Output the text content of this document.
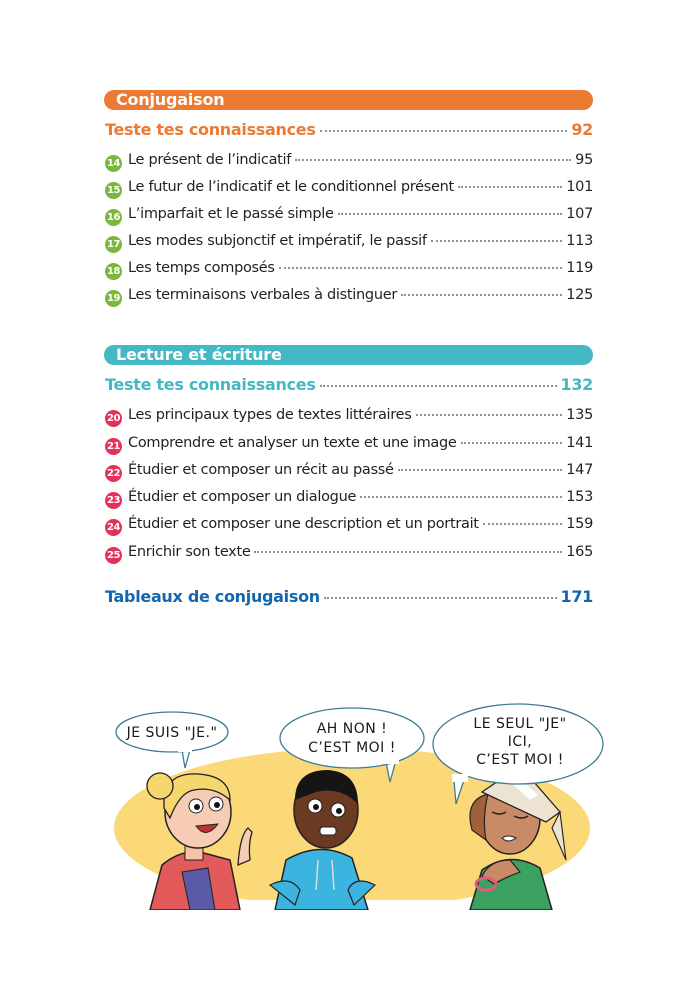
Conjugaison
Teste tes connaissances	92
14 Le présent de l’indicatif	95
15 Le futur de l’indicatif et le conditionnel présent	101
16 L’imparfait et le passé simple	107
17 Les modes subjonctif et impératif, le passif	113
18 Les temps composés	119
19 Les terminaisons verbales à distinguer	125
Lecture et écriture
Teste tes connaissances	132
20 Les principaux types de textes littéraires	135
21 Comprendre et analyser un texte et une image	141
22 Étudier et composer un récit au passé	147
23 Étudier et composer un dialogue	153
24 Étudier et composer une description et un portrait	159
25 Enrichir son texte	165
Tableaux de conjugaison	171
JE SUIS "JE."	AH NON !
C’EST MOI !
LE SEUL "JE"
ICI,
C’EST MOI !
